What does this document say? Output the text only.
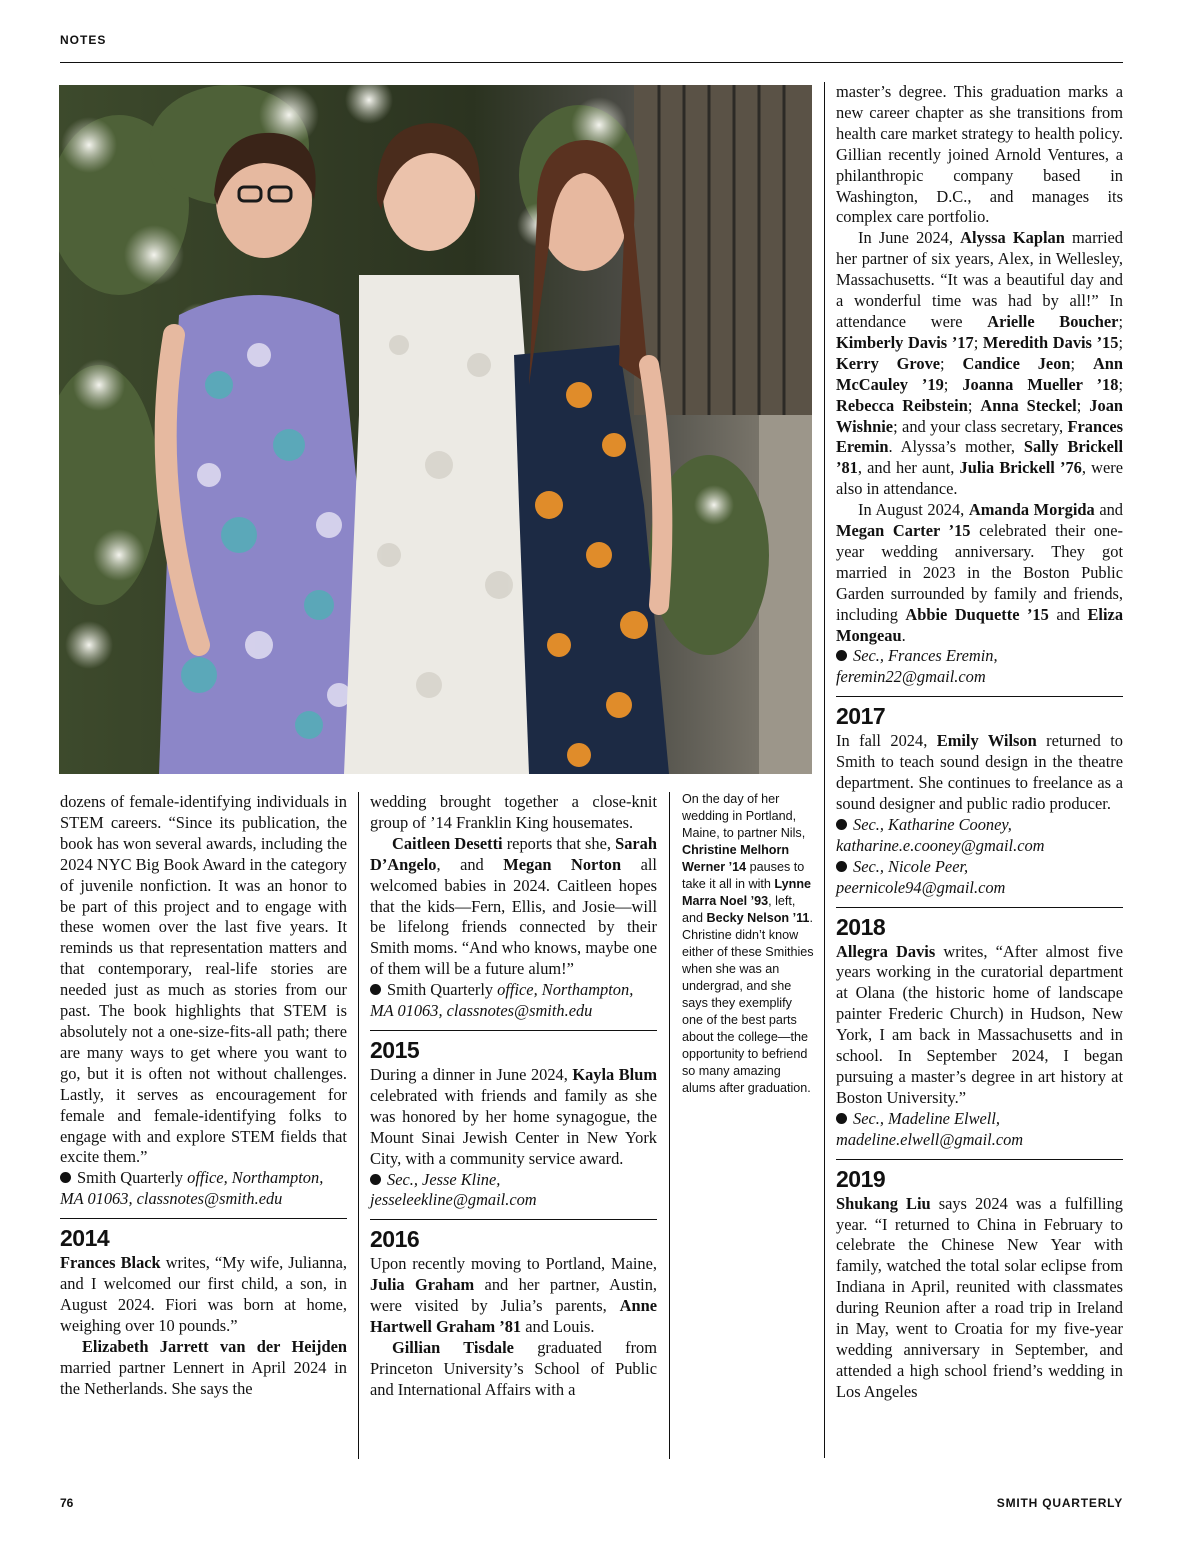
NOTES

dozens of female-identifying individuals in STEM careers. “Since its publication, the book has won several awards, including the 2024 NYC Big Book Award in the category of juvenile nonfiction. It was an honor to be part of this project and to engage with these women over the last five years. It reminds us that representation matters and that contemporary, real-life stories are needed just as much as stories from our past. The book highlights that STEM is absolutely not a one-size-fits-all path; there are many ways to get where you want to go, but it is often not without challenges. Lastly, it serves as encouragement for female and female-identifying folks to engage with and explore STEM fields that excite them.”

Smith Quarterly office, Northampton, MA 01063, classnotes@smith.edu

2014

Frances Black writes, “My wife, Julianna, and I welcomed our first child, a son, in August 2024. Fiori was born at home, weighing over 10 pounds.”

Elizabeth Jarrett van der Heijden married partner Lennert in April 2024 in the Netherlands. She says the

wedding brought together a close-knit group of ’14 Franklin King housemates.

Caitleen Desetti reports that she, Sarah D’Angelo, and Megan Norton all welcomed babies in 2024. Caitleen hopes that the kids—Fern, Ellis, and Josie—will be lifelong friends connected by their Smith moms. “And who knows, maybe one of them will be a future alum!”

Smith Quarterly office, Northampton, MA 01063, classnotes@smith.edu

2015

During a dinner in June 2024, Kayla Blum celebrated with friends and family as she was honored by her home synagogue, the Mount Sinai Jewish Center in New York City, with a community service award.

Sec., Jesse Kline, jesseleekline@gmail.com

2016

Upon recently moving to Portland, Maine, Julia Graham and her partner, Austin, were visited by Julia’s parents, Anne Hartwell Graham ’81 and Louis.

Gillian Tisdale graduated from Princeton University’s School of Public and International Affairs with a

On the day of her wedding in Portland, Maine, to partner Nils, Christine Melhorn Werner ’14 pauses to take it all in with Lynne Marra Noel ’93, left, and Becky Nelson ’11. Christine didn’t know either of these Smithies when she was an undergrad, and she says they exemplify one of the best parts about the college—the opportunity to befriend so many amazing alums after graduation.

master’s degree. This graduation marks a new career chapter as she transitions from health care market strategy to health policy. Gillian recently joined Arnold Ventures, a philanthropic company based in Washington, D.C., and manages its complex care portfolio.

In June 2024, Alyssa Kaplan married her partner of six years, Alex, in Wellesley, Massachusetts. “It was a beautiful day and a wonderful time was had by all!” In attendance were Arielle Boucher; Kimberly Davis ’17; Meredith Davis ’15; Kerry Grove; Candice Jeon; Ann McCauley ’19; Joanna Mueller ’18; Rebecca Reibstein; Anna Steckel; Joan Wishnie; and your class secretary, Frances Eremin. Alyssa’s mother, Sally Brickell ’81, and her aunt, Julia Brickell ’76, were also in attendance.

In August 2024, Amanda Morgida and Megan Carter ’15 celebrated their one-year wedding anniversary. They got married in 2023 in the Boston Public Garden surrounded by family and friends, including Abbie Duquette ’15 and Eliza Mongeau.

Sec., Frances Eremin, feremin22@gmail.com

2017

In fall 2024, Emily Wilson returned to Smith to teach sound design in the theatre department. She continues to freelance as a sound designer and public radio producer.

Sec., Katharine Cooney, katharine.e.cooney@gmail.com

Sec., Nicole Peer, peernicole94@gmail.com

2018

Allegra Davis writes, “After almost five years working in the curatorial department at Olana (the historic home of landscape painter Frederic Church) in Hudson, New York, I am back in Massachusetts and in school. In September 2024, I began pursuing a master’s degree in art history at Boston University.”

Sec., Madeline Elwell, madeline.elwell@gmail.com

2019

Shukang Liu says 2024 was a fulfilling year. “I returned to China in February to celebrate the Chinese New Year with family, watched the total solar eclipse from Indiana in April, reunited with classmates during Reunion after a road trip in Ireland in May, went to Croatia for my five-year wedding anniversary in September, and attended a high school friend’s wedding in Los Angeles

76	SMITH QUARTERLY
